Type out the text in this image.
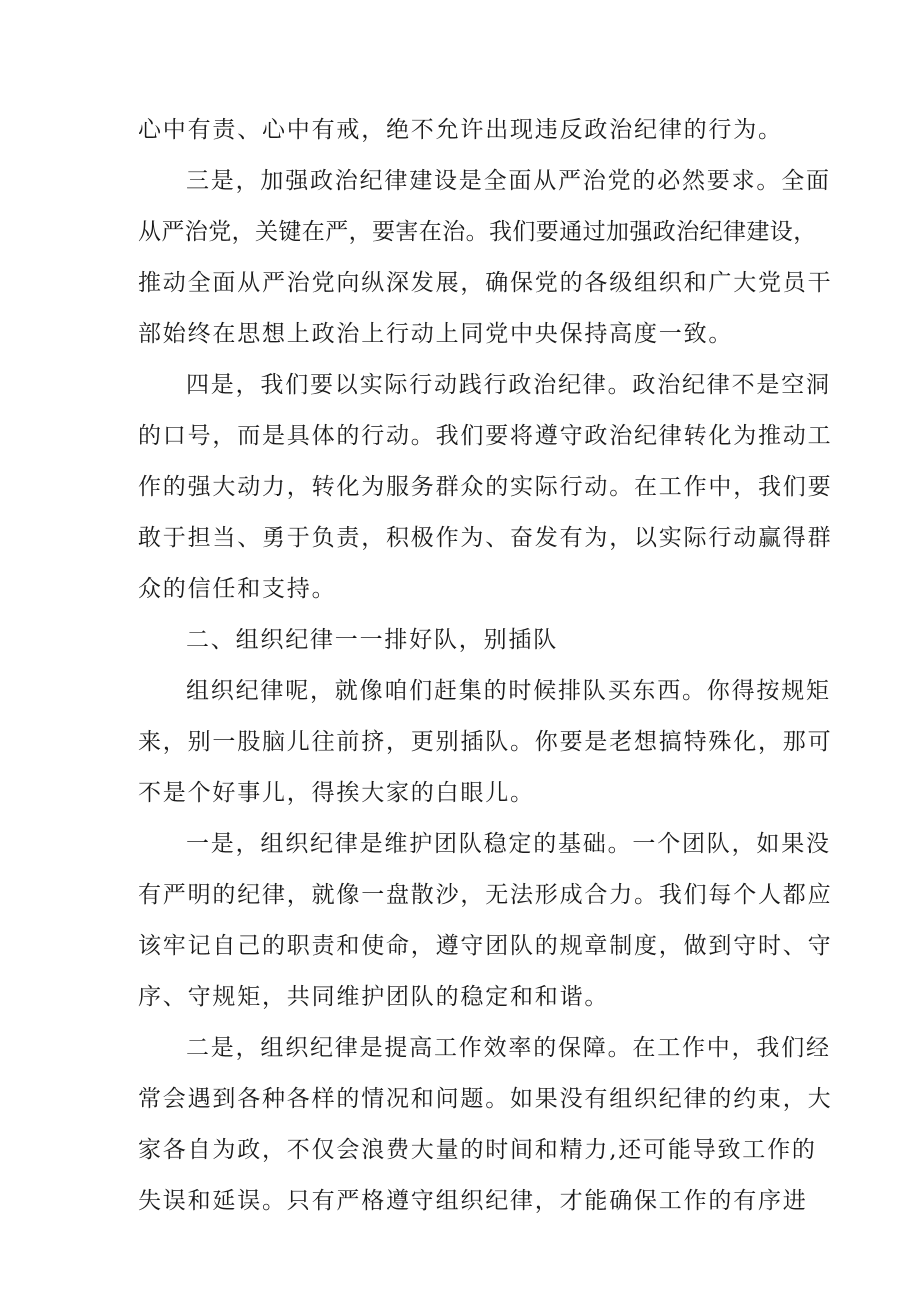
心中有责、心中有戒，绝不允许出现违反政治纪律的行为。
三是，加强政治纪律建设是全面从严治党的必然要求。全面
从严治党，关键在严，要害在治。我们要通过加强政治纪律建设，
推动全面从严治党向纵深发展，确保党的各级组织和广大党员干
部始终在思想上政治上行动上同党中央保持高度一致。
四是，我们要以实际行动践行政治纪律。政治纪律不是空洞
的口号，而是具体的行动。我们要将遵守政治纪律转化为推动工
作的强大动力，转化为服务群众的实际行动。在工作中，我们要
敢于担当、勇于负责，积极作为、奋发有为，以实际行动赢得群
众的信任和支持。
二、组织纪律一一排好队，别插队
组织纪律呢，就像咱们赶集的时候排队买东西。你得按规矩
来，别一股脑儿往前挤，更别插队。你要是老想搞特殊化，那可
不是个好事儿，得挨大家的白眼儿。
一是，组织纪律是维护团队稳定的基础。一个团队，如果没
有严明的纪律，就像一盘散沙，无法形成合力。我们每个人都应
该牢记自己的职责和使命，遵守团队的规章制度，做到守时、守
序、守规矩，共同维护团队的稳定和和谐。
二是，组织纪律是提高工作效率的保障。在工作中，我们经
常会遇到各种各样的情况和问题。如果没有组织纪律的约束，大
家各自为政，不仅会浪费大量的时间和精力,还可能导致工作的
失误和延误。只有严格遵守组织纪律，才能确保工作的有序进
